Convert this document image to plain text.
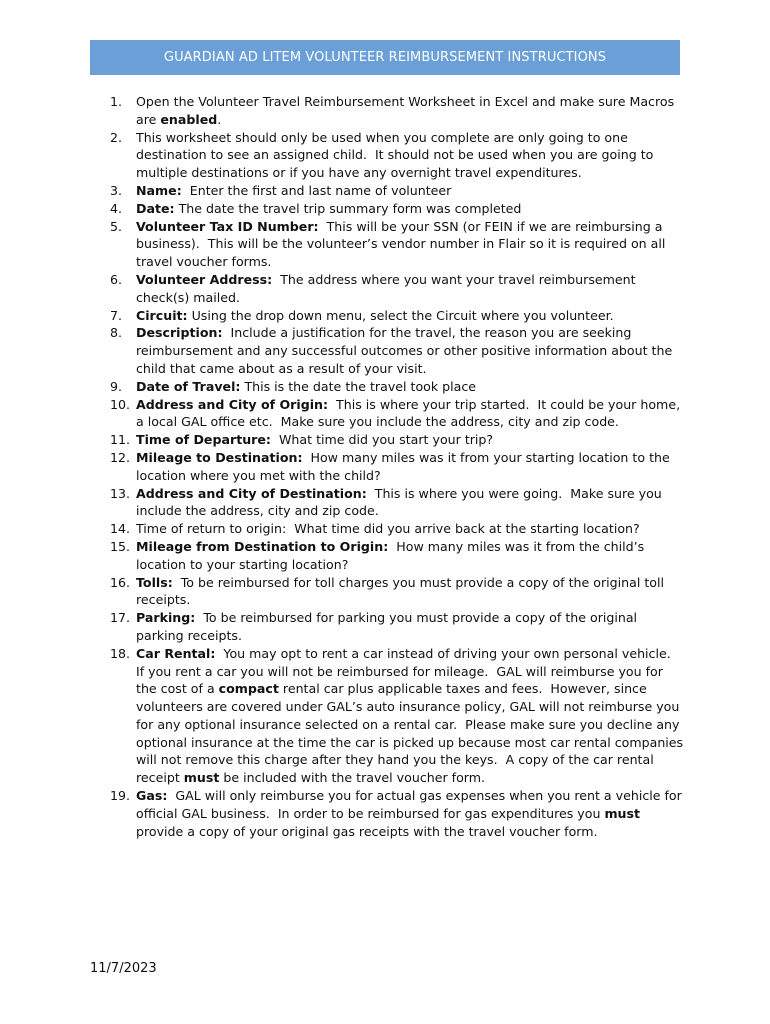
GUARDIAN AD LITEM VOLUNTEER REIMBURSEMENT INSTRUCTIONS
1.	Open the Volunteer Travel Reimbursement Worksheet in Excel and make sure Macros are enabled.
2.	This worksheet should only be used when you complete are only going to one destination to see an assigned child.  It should not be used when you are going to multiple destinations or if you have any overnight travel expenditures.
3.	Name:  Enter the first and last name of volunteer
4.	Date: The date the travel trip summary form was completed
5.	Volunteer Tax ID Number:  This will be your SSN (or FEIN if we are reimbursing a business).  This will be the volunteer’s vendor number in Flair so it is required on all travel voucher forms.
6.	Volunteer Address:  The address where you want your travel reimbursement check(s) mailed.
7.	Circuit: Using the drop down menu, select the Circuit where you volunteer.
8.	Description:  Include a justification for the travel, the reason you are seeking reimbursement and any successful outcomes or other positive information about the child that came about as a result of your visit.
9.	Date of Travel: This is the date the travel took place
10. Address and City of Origin:  This is where your trip started.  It could be your home, a local GAL office etc.  Make sure you include the address, city and zip code.
11. Time of Departure:  What time did you start your trip?
12. Mileage to Destination:  How many miles was it from your starting location to the location where you met with the child?
13. Address and City of Destination:  This is where you were going.  Make sure you include the address, city and zip code.
14. Time of return to origin:  What time did you arrive back at the starting location?
15. Mileage from Destination to Origin:  How many miles was it from the child’s location to your starting location?
16. Tolls:  To be reimbursed for toll charges you must provide a copy of the original toll receipts.
17. Parking:  To be reimbursed for parking you must provide a copy of the original parking receipts.
18. Car Rental:  You may opt to rent a car instead of driving your own personal vehicle.  If you rent a car you will not be reimbursed for mileage.  GAL will reimburse you for the cost of a compact rental car plus applicable taxes and fees.  However, since volunteers are covered under GAL’s auto insurance policy, GAL will not reimburse you for any optional insurance selected on a rental car.  Please make sure you decline any optional insurance at the time the car is picked up because most car rental companies will not remove this charge after they hand you the keys.  A copy of the car rental receipt must be included with the travel voucher form.
19. Gas:  GAL will only reimburse you for actual gas expenses when you rent a vehicle for official GAL business.  In order to be reimbursed for gas expenditures you must provide a copy of your original gas receipts with the travel voucher form.
11/7/2023
